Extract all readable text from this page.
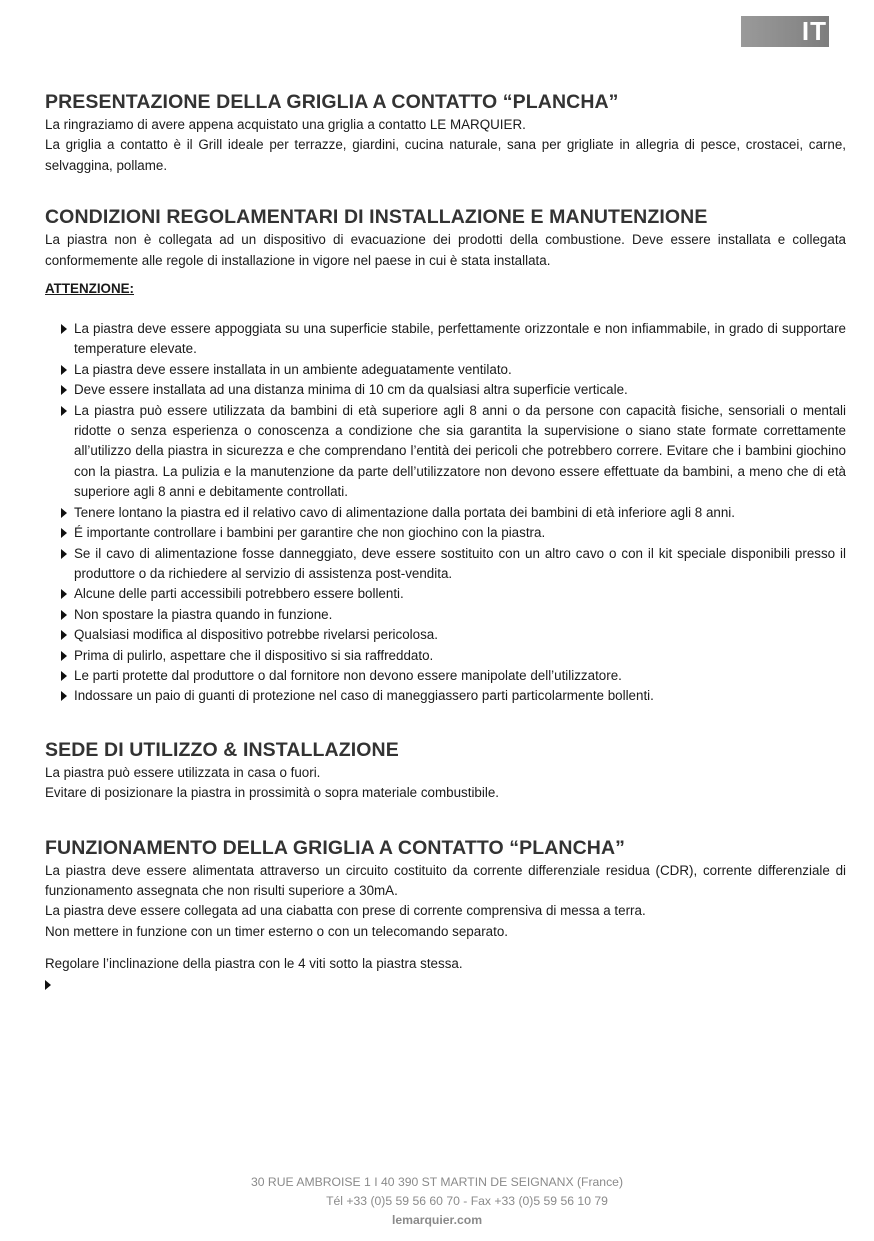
IT
PRESENTAZIONE DELLA GRIGLIA A CONTATTO “PLANCHA”

La ringraziamo di avere appena acquistato una griglia a contatto LE MARQUIER.

La griglia a contatto è il Grill ideale per terrazze, giardini, cucina naturale, sana per grigliate in allegria di pesce, crostacei, carne, selvaggina, pollame.

CONDIZIONI REGOLAMENTARI DI INSTALLAZIONE E MANUTENZIONE

La piastra non è collegata ad un dispositivo di evacuazione dei prodotti della combustione. Deve essere installata e collegata conformemente alle regole di installazione in vigore nel paese in cui è stata installata.

ATTENZIONE:
La piastra deve essere appoggiata su una superficie stabile, perfettamente orizzontale e non infiammabile, in grado di supportare temperature elevate.
La piastra deve essere installata in un ambiente adeguatamente ventilato.
Deve essere installata ad una distanza minima di 10 cm da qualsiasi altra superficie verticale.
La piastra può essere utilizzata da bambini di età superiore agli 8 anni o da persone con capacità fisiche, sensoriali o mentali ridotte o senza esperienza o conoscenza a condizione che sia garantita la supervisione o siano state formate correttamente all’utilizzo della piastra in sicurezza e che comprendano l’entità dei pericoli che potrebbero correre. Evitare che i bambini giochino con la piastra. La pulizia e la manutenzione da parte dell’utilizzatore non devono essere effettuate da bambini, a meno che di età superiore agli 8 anni e debitamente controllati.
Tenere lontano la piastra ed il relativo cavo di alimentazione dalla portata dei bambini di età inferiore agli 8 anni.
É importante controllare i bambini per garantire che non giochino con la piastra.
Se il cavo di alimentazione fosse danneggiato, deve essere sostituito con un altro cavo o con il kit speciale disponibili presso il produttore o da richiedere al servizio di assistenza post-vendita.
Alcune delle parti accessibili potrebbero essere bollenti.
Non spostare la piastra quando in funzione.
Qualsiasi modifica al dispositivo potrebbe rivelarsi pericolosa.
Prima di pulirlo, aspettare che il dispositivo si sia raffreddato.
Le parti protette dal produttore o dal fornitore non devono essere manipolate dell’utilizzatore.
Indossare un paio di guanti di protezione nel caso di maneggiassero parti particolarmente bollenti.
SEDE DI UTILIZZO & INSTALLAZIONE

La piastra può essere utilizzata in casa o fuori.

Evitare di posizionare la piastra in prossimità o sopra materiale combustibile.

FUNZIONAMENTO DELLA GRIGLIA A CONTATTO “PLANCHA”

La piastra deve essere alimentata attraverso un circuito costituito da corrente differenziale residua (CDR), corrente differenziale di funzionamento assegnata che non risulti superiore a 30mA.

La piastra deve essere collegata ad una ciabatta con prese di corrente comprensiva di messa a terra.

Non mettere in funzione con un timer esterno o con un telecomando separato.

Regolare l’inclinazione della piastra con le 4 viti sotto la piastra stessa.

30 RUE AMBROISE 1 I 40 390 ST MARTIN DE SEIGNANX (France)
Tél +33 (0)5 59 56 60 70 - Fax +33 (0)5 59 56 10 79
lemarquier.com
